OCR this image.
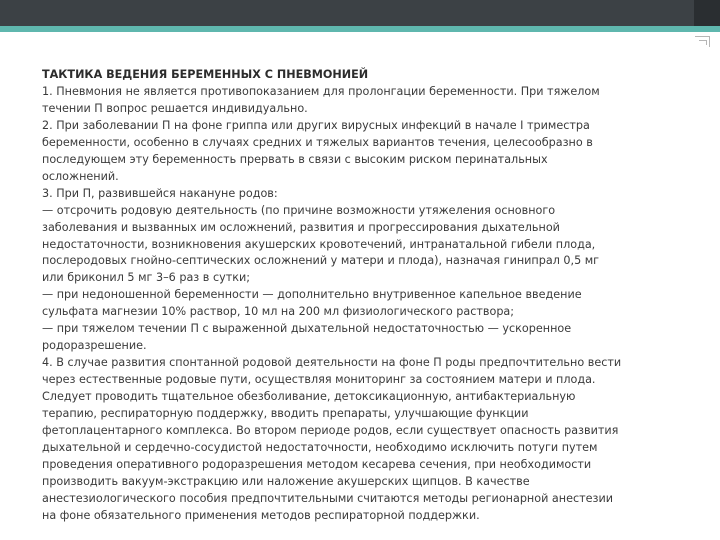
ТАКТИКА ВЕДЕНИЯ БЕРЕМЕННЫХ С ПНЕВМОНИЕЙ
1. Пневмония не является противопоказанием для пролонгации беременности. При тяжелом
течении П вопрос решается индивидуально.
2. При заболевании П на фоне гриппа или других вирусных инфекций в начале I триместра
беременности, особенно в случаях средних и тяжелых вариантов течения, целесообразно в
последующем эту беременность прервать в связи с высоким риском перинатальных
осложнений.
3. При П, развившейся накануне родов:
— отсрочить родовую деятельность (по причине возможности утяжеления основного
заболевания и вызванных им осложнений, развития и прогрессирования дыхательной
недостаточности, возникновения акушерских кровотечений, интранатальной гибели плода,
послеродовых гнойно-септических осложнений у матери и плода), назначая гинипрал 0,5 мг
или бриконил 5 мг 3–6 раз в сутки;
— при недоношенной беременности — дополнительно внутривенное капельное введение
сульфата магнезии 10% раствор, 10 мл на 200 мл физиологического раствора;
— при тяжелом течении П с выраженной дыхательной недостаточностью — ускоренное
родоразрешение.
4. В случае развития спонтанной родовой деятельности на фоне П роды предпочтительно вести
через естественные родовые пути, осуществляя мониторинг за состоянием матери и плода.
Следует проводить тщательное обезболивание, детоксикационную, антибактериальную
терапию, респираторную поддержку, вводить препараты, улучшающие функции
фетоплацентарного комплекса. Во втором периоде родов, если существует опасность развития
дыхательной и сердечно-сосудистой недостаточности, необходимо исключить потуги путем
проведения оперативного родоразрешения методом кесарева сечения, при необходимости
производить вакуум-экстракцию или наложение акушерских щипцов. В качестве
анестезиологического пособия предпочтительными считаются методы регионарной анестезии
на фоне обязательного применения методов респираторной поддержки.
